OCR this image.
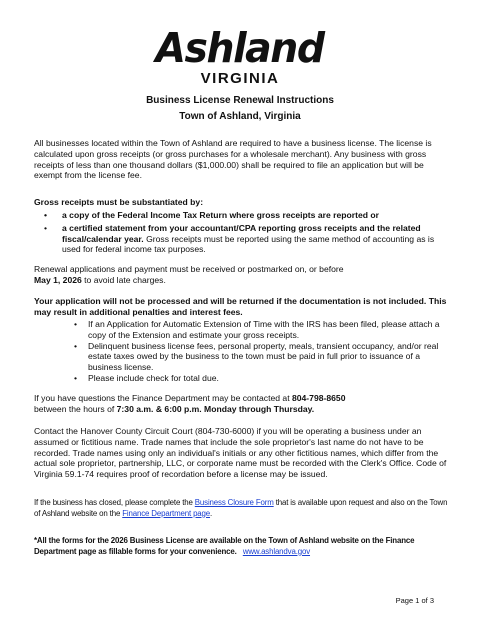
Ashland
VIRGINIA
Business License Renewal Instructions
Town of Ashland, Virginia

All businesses located within the Town of Ashland are required to have a business license. The license is calculated upon gross receipts (or gross purchases for a wholesale merchant). Any business with gross receipts of less than one thousand dollars ($1,000.00) shall be required to file an application but will be exempt from the license fee.

Gross receipts must be substantiated by:

• a copy of the Federal Income Tax Return where gross receipts are reported or
• a certified statement from your accountant/CPA reporting gross receipts and the related fiscal/calendar year. Gross receipts must be reported using the same method of accounting as is used for federal income tax purposes.

Renewal applications and payment must be received or postmarked on, or before
May 1, 2026 to avoid late charges.

Your application will not be processed and will be returned if the documentation is not included. This may result in additional penalties and interest fees.

• If an Application for Automatic Extension of Time with the IRS has been filed, please attach a copy of the Extension and estimate your gross receipts.
• Delinquent business license fees, personal property, meals, transient occupancy, and/or real estate taxes owed by the business to the town must be paid in full prior to issuance of a business license.
• Please include check for total due.

If you have questions the Finance Department may be contacted at 804-798-8650
between the hours of 7:30 a.m. & 6:00 p.m. Monday through Thursday.

Contact the Hanover County Circuit Court (804-730-6000) if you will be operating a business under an assumed or fictitious name. Trade names that include the sole proprietor's last name do not have to be recorded. Trade names using only an individual's initials or any other fictitious names, which differ from the actual sole proprietor, partnership, LLC, or corporate name must be recorded with the Clerk's Office. Code of Virginia 59.1-74 requires proof of recordation before a license may be issued.

If the business has closed, please complete the Business Closure Form that is available upon request and also on the Town of Ashland website on the Finance Department page.

*All the forms for the 2026 Business License are available on the Town of Ashland website on the Finance Department page as fillable forms for your convenience. www.ashlandva.gov

Page 1 of 3
